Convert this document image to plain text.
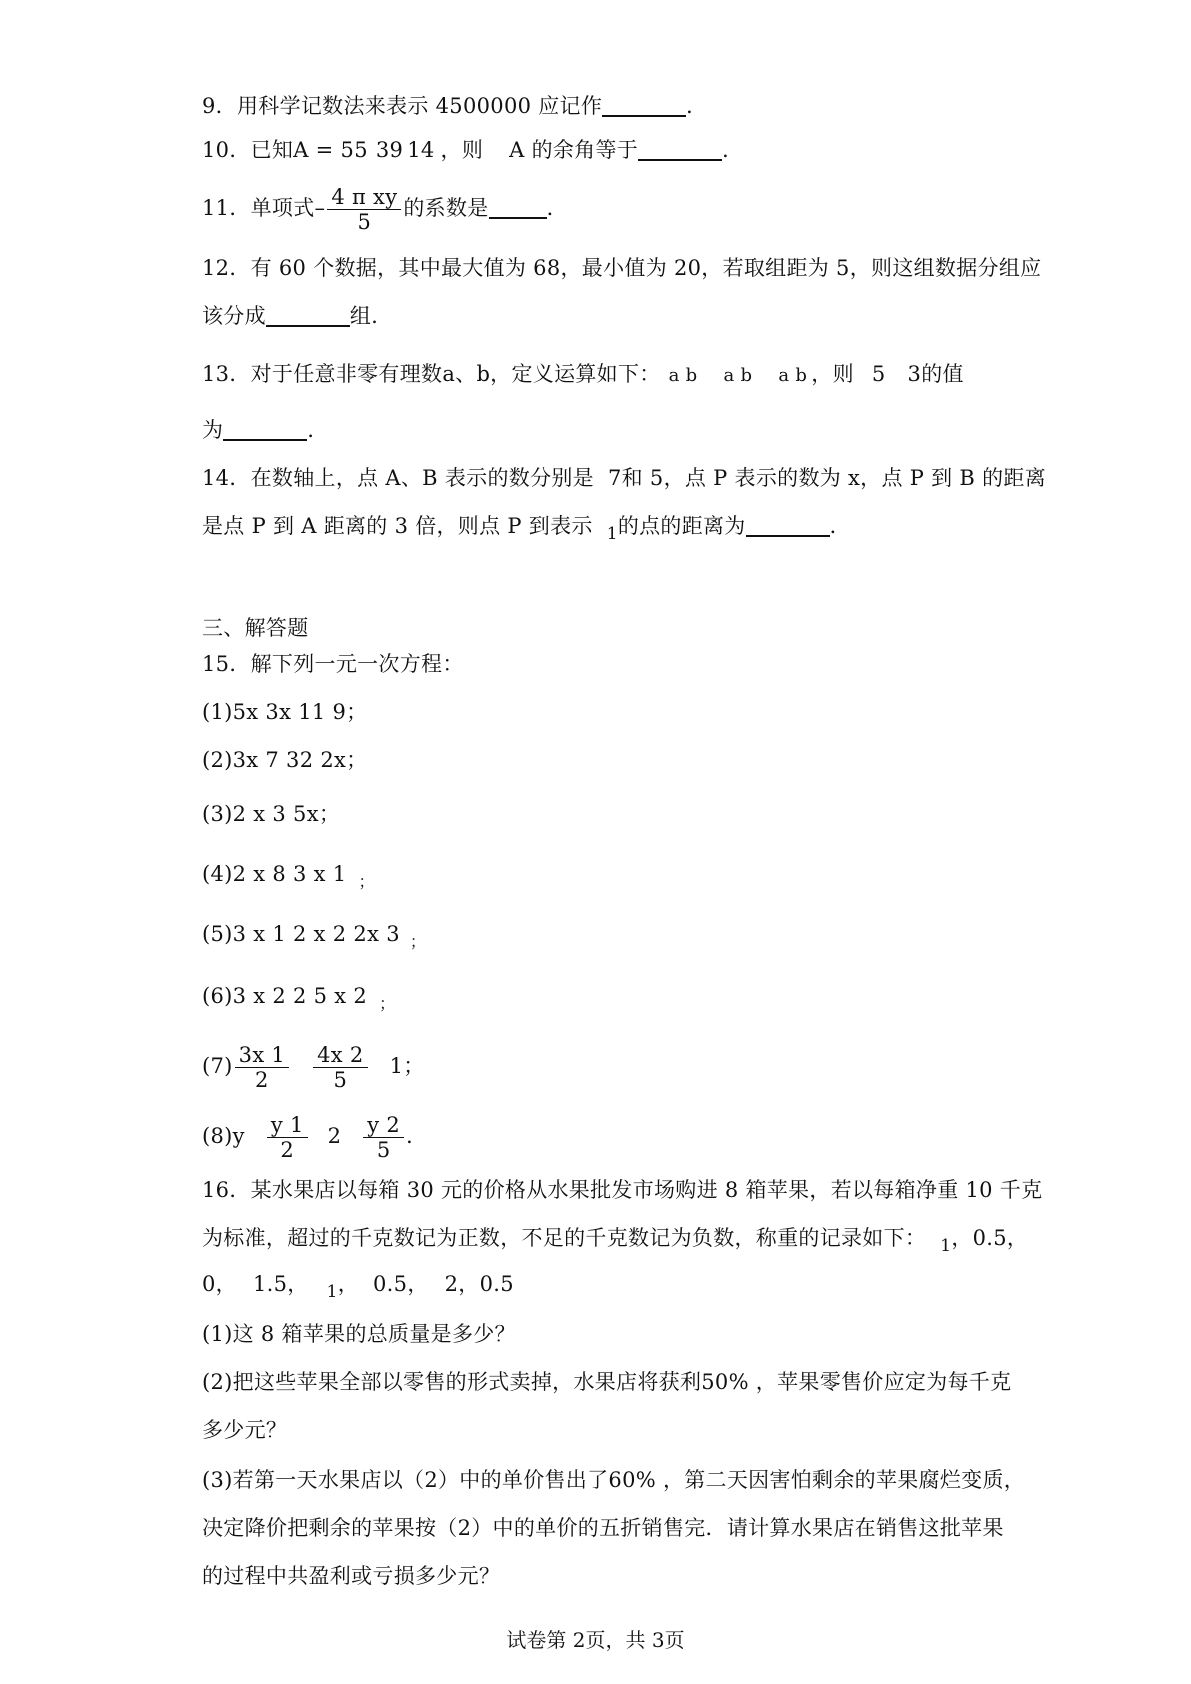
9．用科学记数法来表示 4500000 应记作	．
10．已知A = 55 39 14 ，则 A 的余角等于	．
11．单项式– $\frac{\text{4 π xy}}{5}$ 的系数是	．
12．有 60 个数据，其中最大值为 68，最小值为 20，若取组距为 5，则这组数据分组应
该分成	组．
13．对于任意非零有理数a、b，定义运算如下： a b a b a b ，则 5 3的值
为	．
14．在数轴上，点 A、B 表示的数分别是 7和 5，点 P 表示的数为 x，点 P 到 B 的距离
是点 P 到 A 距离的 3 倍，则点 P 到表示 $_1$的点的距离为	．
三、解答题
15．解下列一元一次方程：
(1)5x 3x 11 9；
(2)3x 7 32 2x；
(3)2 x 3 5x；
(4)2 x 8 3 x 1 $_;$
(5)3 x 1 2 x 2 2x 3 $_;$
(6)3 x 2 2 5 x 2 $_;$
$(7) \frac{3x 1}{2} \frac{4x 2}{5} 1$；
$(8)y \frac{y 1}{2} 2 \frac{y 2}{5}$ ．
16．某水果店以每箱 30 元的价格从水果批发市场购进 8 箱苹果，若以每箱净重 10 千克
为标准，超过的千克数记为正数，不足的千克数记为负数，称重的记录如下： $_1$，0.5，
0， 1.5， $_1$， 0.5， 2，0.5
(1)这 8 箱苹果的总质量是多少？
(2)把这些苹果全部以零售的形式卖掉，水果店将获利50% ，苹果零售价应定为每千克
多少元？
(3)若第一天水果店以（2）中的单价售出了60% ，第二天因害怕剩余的苹果腐烂变质，
决定降价把剩余的苹果按（2）中的单价的五折销售完．请计算水果店在销售这批苹果
的过程中共盈利或亏损多少元？
试卷第 2页，共 3页
